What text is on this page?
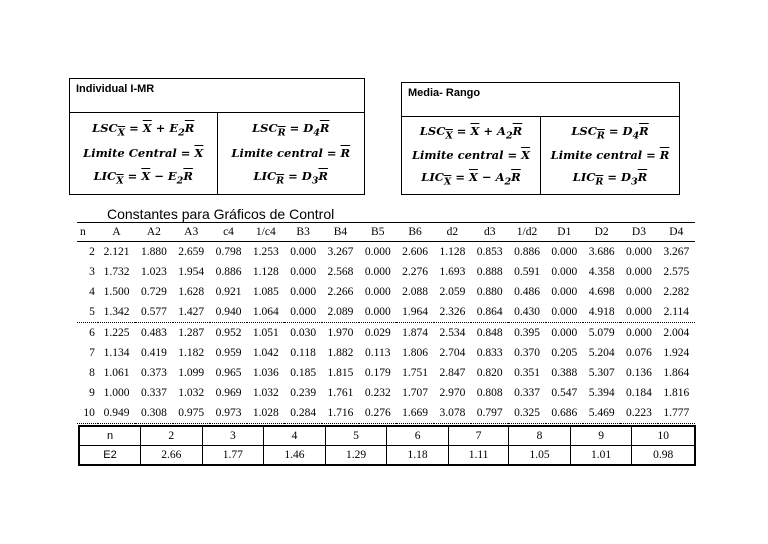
Individual I-MR
$LSC_{\overline{X}} = \overline{X} + E_2\overline{R}$
Limite Central = $\overline{X}$
$LIC_{\overline{X}} = \overline{X} - E_2\overline{R}$
$LSC_{\overline{R}} = D_4\overline{R}$
Limite central = $\overline{R}$
$LIC_{\overline{R}} = D_3\overline{R}$
Media- Rango
$LSC_{\overline{X}} = \overline{X} + A_2\overline{R}$
Limite central = $\overline{X}$
$LIC_{\overline{X}} = \overline{X} - A_2\overline{R}$
$LSC_{\overline{R}} = D_4\overline{R}$
Limite central = $\overline{R}$
$LIC_{\overline{R}} = D_3\overline{R}$
Constantes para Gráficos de Control
n	A	A2	A3	c4	1/c4	B3	B4	B5	B6	d2	d3	1/d2	D1	D2	D3	D4
2	2.121	1.880	2.659	0.798	1.253	0.000	3.267	0.000	2.606	1.128	0.853	0.886	0.000	3.686	0.000	3.267
3	1.732	1.023	1.954	0.886	1.128	0.000	2.568	0.000	2.276	1.693	0.888	0.591	0.000	4.358	0.000	2.575
4	1.500	0.729	1.628	0.921	1.085	0.000	2.266	0.000	2.088	2.059	0.880	0.486	0.000	4.698	0.000	2.282
5	1.342	0.577	1.427	0.940	1.064	0.000	2.089	0.000	1.964	2.326	0.864	0.430	0.000	4.918	0.000	2.114
6	1.225	0.483	1.287	0.952	1.051	0.030	1.970	0.029	1.874	2.534	0.848	0.395	0.000	5.079	0.000	2.004
7	1.134	0.419	1.182	0.959	1.042	0.118	1.882	0.113	1.806	2.704	0.833	0.370	0.205	5.204	0.076	1.924
8	1.061	0.373	1.099	0.965	1.036	0.185	1.815	0.179	1.751	2.847	0.820	0.351	0.388	5.307	0.136	1.864
9	1.000	0.337	1.032	0.969	1.032	0.239	1.761	0.232	1.707	2.970	0.808	0.337	0.547	5.394	0.184	1.816
10	0.949	0.308	0.975	0.973	1.028	0.284	1.716	0.276	1.669	3.078	0.797	0.325	0.686	5.469	0.223	1.777
n	2	3	4	5	6	7	8	9	10
E2	2.66	1.77	1.46	1.29	1.18	1.11	1.05	1.01	0.98
